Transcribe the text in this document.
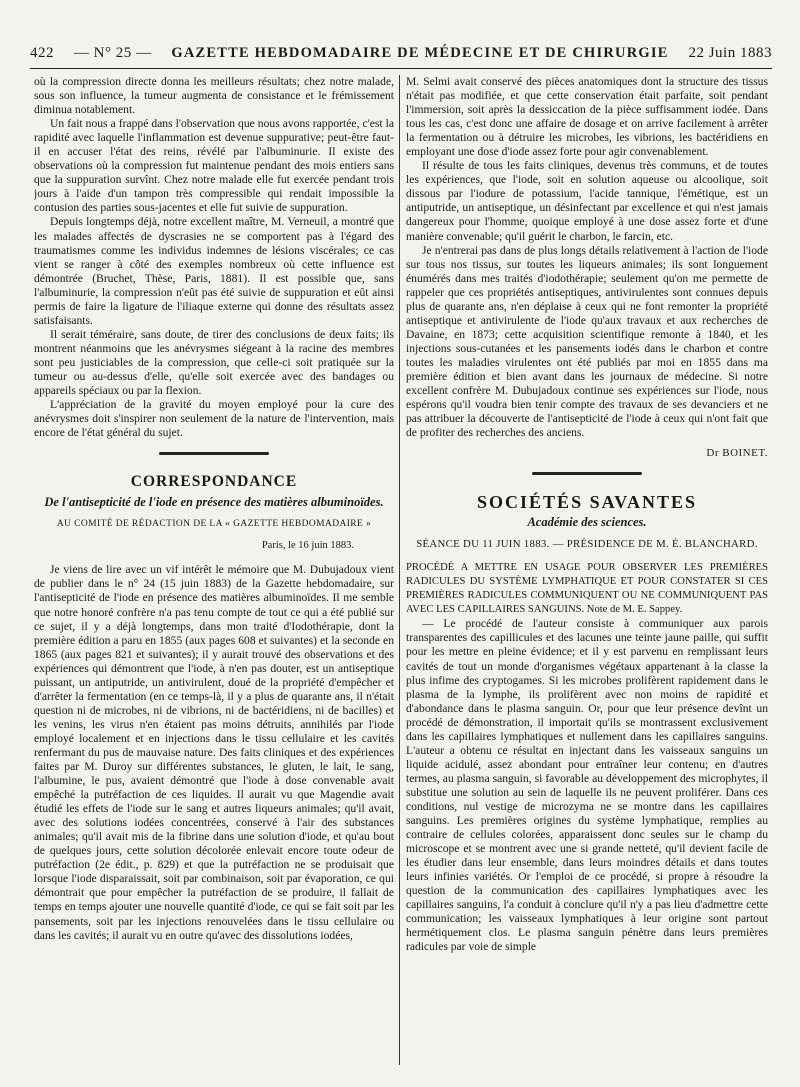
422 — N° 25 — GAZETTE HEBDOMADAIRE DE MÉDECINE ET DE CHIRURGIE 22 Juin 1883

où la compression directe donna les meilleurs résultats; chez notre malade, sous son influence, la tumeur augmenta de consistance et le frémissement diminua notablement.

Un fait nous a frappé dans l'observation que nous avons rapportée, c'est la rapidité avec laquelle l'inflammation est devenue suppurative; peut-être faut-il en accuser l'état des reins, révélé par l'albuminurie. Il existe des observations où la compression fut maintenue pendant des mois entiers sans que la suppuration survînt. Chez notre malade elle fut exercée pendant trois jours à l'aide d'un tampon très compressible qui rendait impossible la contusion des parties sous-jacentes et elle fut suivie de suppuration.

Depuis longtemps déjà, notre excellent maître, M. Verneuil, a montré que les malades affectés de dyscrasies ne se comportent pas à l'égard des traumatismes comme les individus indemnes de lésions viscérales; ce cas vient se ranger à côté des exemples nombreux où cette influence est démontrée (Bruchet, Thèse, Paris, 1881). Il est possible que, sans l'albuminurie, la compression n'eût pas été suivie de suppuration et eût ainsi permis de faire la ligature de l'iliaque externe qui donne des résultats assez satisfaisants.

Il serait téméraire, sans doute, de tirer des conclusions de deux faits; ils montrent néanmoins que les anévrysmes siégeant à la racine des membres sont peu justiciables de la compression, que celle-ci soit pratiquée sur la tumeur ou au-dessus d'elle, qu'elle soit exercée avec des bandages ou appareils spéciaux ou par la flexion.

L'appréciation de la gravité du moyen employé pour la cure des anévrysmes doit s'inspirer non seulement de la nature de l'intervention, mais encore de l'état général du sujet.

CORRESPONDANCE
De l'antisepticité de l'iode en présence des matières albuminoïdes.
AU COMITÉ DE RÉDACTION DE LA « GAZETTE HEBDOMADAIRE »
Paris, le 16 juin 1883.

Je viens de lire avec un vif intérêt le mémoire que M. Dubujadoux vient de publier dans le n° 24 (15 juin 1883) de la Gazette hebdomadaire, sur l'antisepticité de l'iode en présence des matières albuminoïdes. Il me semble que notre honoré confrère n'a pas tenu compte de tout ce qui a été publié sur ce sujet, il y a déjà longtemps, dans mon traité d'Iodothérapie, dont la première édition a paru en 1855 (aux pages 608 et suivantes) et la seconde en 1865 (aux pages 821 et suivantes); il y aurait trouvé des observations et des expériences qui démontrent que l'iode, à n'en pas douter, est un antiseptique puissant, un antiputride, un antivirulent, doué de la propriété d'empêcher et d'arrêter la fermentation (en ce temps-là, il y a plus de quarante ans, il n'était question ni de microbes, ni de vibrions, ni de bactéridiens, ni de bacilles) et les venins, les virus n'en étaient pas moins détruits, annihilés par l'iode employé localement et en injections dans le tissu cellulaire et les cavités renfermant du pus de mauvaise nature. Des faits cliniques et des expériences faites par M. Duroy sur différentes substances, le gluten, le lait, le sang, l'albumine, le pus, avaient démontré que l'iode à dose convenable avait empêché la putréfaction de ces liquides. Il aurait vu que Magendie avait étudié les effets de l'iode sur le sang et autres liqueurs animales; qu'il avait, avec des solutions iodées concentrées, conservé à l'air des substances animales; qu'il avait mis de la fibrine dans une solution d'iode, et qu'au bout de quelques jours, cette solution décolorée enlevait encore toute odeur de putréfaction (2e édit., p. 829) et que la putréfaction ne se produisait que lorsque l'iode disparaissait, soit par combinaison, soit par évaporation, ce qui démontrait que pour empêcher la putréfaction de se produire, il fallait de temps en temps ajouter une nouvelle quantité d'iode, ce qui se fait soit par les pansements, soit par les injections renouvelées dans le tissu cellulaire ou dans les cavités; il aurait vu en outre qu'avec des dissolutions iodées,

M. Selmi avait conservé des pièces anatomiques dont la structure des tissus n'était pas modifiée, et que cette conservation était parfaite, soit pendant l'immersion, soit après la dessiccation de la pièce suffisamment iodée. Dans tous les cas, c'est donc une affaire de dosage et on arrive facilement à arrêter la fermentation ou à détruire les microbes, les vibrions, les bactéridiens en employant une dose d'iode assez forte pour agir convenablement.

Il résulte de tous les faits cliniques, devenus très communs, et de toutes les expériences, que l'iode, soit en solution aqueuse ou alcoolique, soit dissous par l'iodure de potassium, l'acide tannique, l'émétique, est un antiputride, un antiseptique, un désinfectant par excellence et qui n'est jamais dangereux pour l'homme, quoique employé à une dose assez forte et d'une manière convenable; qu'il guérit le charbon, le farcin, etc.

Je n'entrerai pas dans de plus longs détails relativement à l'action de l'iode sur tous nos tissus, sur toutes les liqueurs animales; ils sont longuement énumérés dans mes traités d'iodothérapie; seulement qu'on me permette de rappeler que ces propriétés antiseptiques, antivirulentes sont connues depuis plus de quarante ans, n'en déplaise à ceux qui ne font remonter la propriété antiseptique et antivirulente de l'iode qu'aux travaux et aux recherches de Davaine, en 1873; cette acquisition scientifique remonte à 1840, et les injections sous-cutanées et les pansements iodés dans le charbon et contre toutes les maladies virulentes ont été publiés par moi en 1855 dans ma première édition et bien avant dans les journaux de médecine. Si notre excellent confrère M. Dubujadoux continue ses expériences sur l'iode, nous espérons qu'il voudra bien tenir compte des travaux de ses devanciers et ne pas attribuer la découverte de l'antisepticité de l'iode à ceux qui n'ont fait que de profiter des recherches des anciens.

Dr BOINET.
SOCIÉTÉS SAVANTES
Académie des sciences.
SÉANCE DU 11 JUIN 1883. — PRÉSIDENCE DE M. É. BLANCHARD.

PROCÉDÉ A METTRE EN USAGE POUR OBSERVER LES PREMIÈRES RADICULES DU SYSTÈME LYMPHATIQUE ET POUR CONSTATER SI CES PREMIÈRES RADICULES COMMUNIQUENT OU NE COMMUNIQUENT PAS AVEC LES CAPILLAIRES SANGUINS. Note de M. E. Sappey.

— Le procédé de l'auteur consiste à communiquer aux parois transparentes des capillicules et des lacunes une teinte jaune paille, qui suffit pour les mettre en pleine évidence; et il y est parvenu en remplissant leurs cavités de tout un monde d'organismes végétaux appartenant à la classe la plus infime des cryptogames. Si les microbes prolifèrent rapidement dans le plasma de la lymphe, ils prolifèrent avec non moins de rapidité et d'abondance dans le plasma sanguin. Or, pour que leur présence devînt un procédé de démonstration, il importait qu'ils se montrassent exclusivement dans les capillaires lymphatiques et nullement dans les capillaires sanguins. L'auteur a obtenu ce résultat en injectant dans les vaisseaux sanguins un liquide acidulé, assez abondant pour entraîner leur contenu; en d'autres termes, au plasma sanguin, si favorable au développement des microphytes, il substitue une solution au sein de laquelle ils ne peuvent proliférer. Dans ces conditions, nul vestige de microzyma ne se montre dans les capillaires sanguins. Les premières origines du système lymphatique, remplies au contraire de cellules colorées, apparaissent donc seules sur le champ du microscope et se montrent avec une si grande netteté, qu'il devient facile de les étudier dans leur ensemble, dans leurs moindres détails et dans toutes leurs infinies variétés. Or l'emploi de ce procédé, si propre à résoudre la question de la communication des capillaires lymphatiques avec les capillaires sanguins, l'a conduit à conclure qu'il n'y a pas lieu d'admettre cette communication; les vaisseaux lymphatiques à leur origine sont partout hermétiquement clos. Le plasma sanguin pénètre dans leurs premières radicules par voie de simple
